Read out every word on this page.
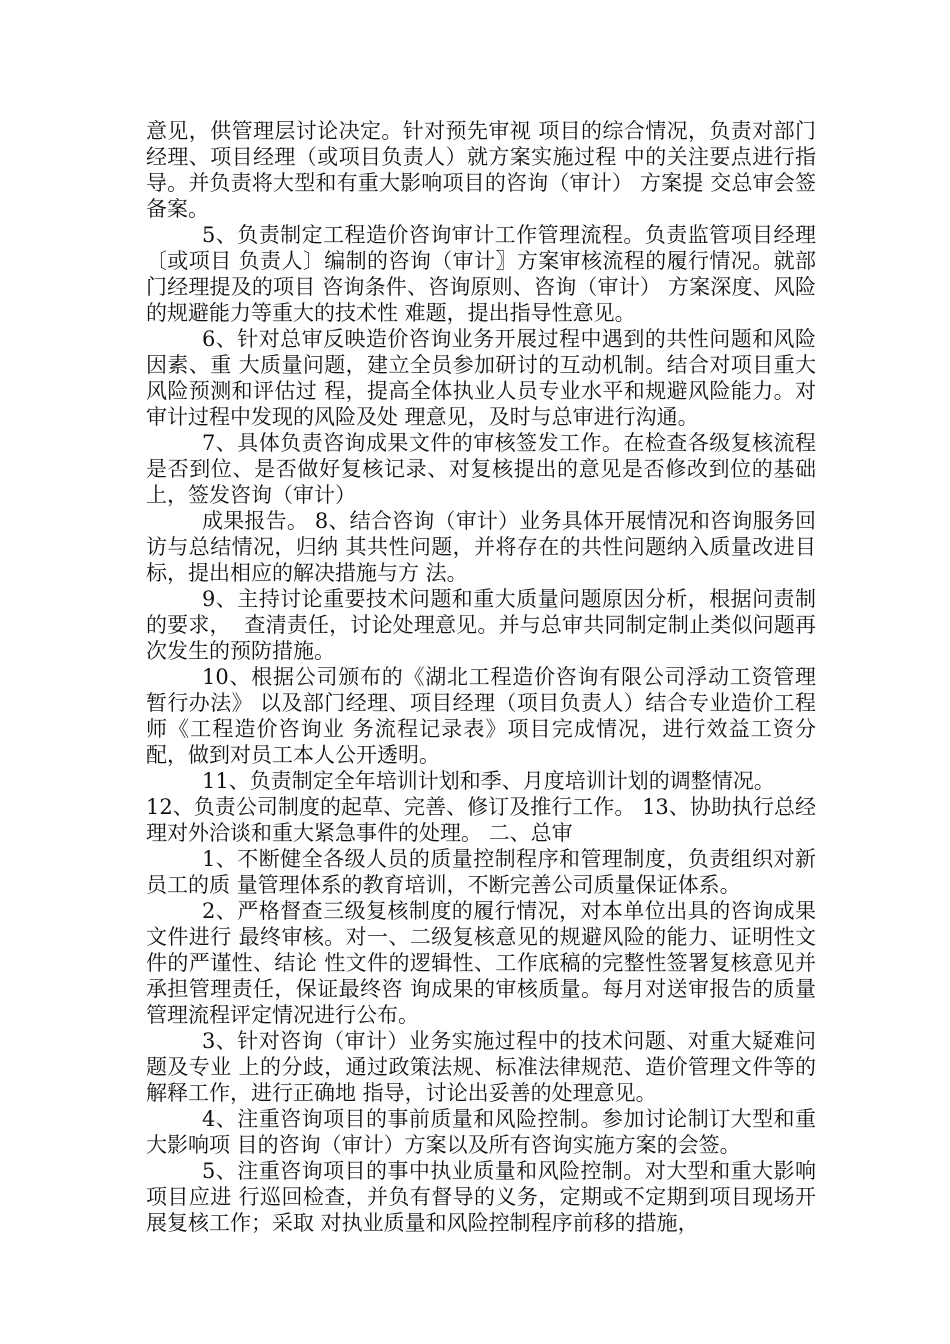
意见，供管理层讨论决定。针对预先审视 项目的综合情况，负责对部门经理、项目经理（或项目负责人）就方案实施过程 中的关注要点进行指导。并负责将大型和有重大影响项目的咨询（审计） 方案提 交总审会签备案。

5、负责制定工程造价咨询审计工作管理流程。负责监管项目经理〔或项目 负责人〕编制的咨询（审计〗方案审核流程的履行情况。就部门经理提及的项目 咨询条件、咨询原则、咨询（审计） 方案深度、风险的规避能力等重大的技术性 难题，提出指导性意见。

6、针对总审反映造价咨询业务开展过程中遇到的共性问题和风险因素、重 大质量问题，建立全员参加研讨的互动机制。结合对项目重大风险预测和评估过 程，提高全体执业人员专业水平和规避风险能力。对审计过程中发现的风险及处 理意见，及时与总审进行沟通。

7、具体负责咨询成果文件的审核签发工作。在检查各级复核流程是否到位、是否做好复核记录、对复核提出的意见是否修改到位的基础上，签发咨询（审计）

成果报告。 8、结合咨询（审计）业务具体开展情况和咨询服务回访与总结情况，归纳 其共性问题，并将存在的共性问题纳入质量改进目标，提出相应的解决措施与方 法。

9、主持讨论重要技术问题和重大质量问题原因分析，根据问责制的要求，  查清责任，讨论处理意见。并与总审共同制定制止类似问题再次发生的预防措施。

10、根据公司颁布的《湖北工程造价咨询有限公司浮动工资管理暂行办法》 以及部门经理、项目经理（项目负责人）结合专业造价工程师《工程造价咨询业 务流程记录表》项目完成情况，进行效益工资分配，做到对员工本人公开透明。

11、负责制定全年培训计划和季、月度培训计划的调整情况。

12、负责公司制度的起草、完善、修订及推行工作。 13、协助执行总经理对外洽谈和重大紧急事件的处理。 二、总审

1、不断健全各级人员的质量控制程序和管理制度，负责组织对新员工的质 量管理体系的教育培训，不断完善公司质量保证体系。

2、严格督查三级复核制度的履行情况，对本单位出具的咨询成果文件进行 最终审核。对一、二级复核意见的规避风险的能力、证明性文件的严谨性、结论 性文件的逻辑性、工作底稿的完整性签署复核意见并承担管理责任，保证最终咨 询成果的审核质量。每月对送审报告的质量管理流程评定情况进行公布。

3、针对咨询（审计）业务实施过程中的技术问题、对重大疑难问题及专业 上的分歧，通过政策法规、标准法律规范、造价管理文件等的解释工作，进行正确地 指导，讨论出妥善的处理意见。

4、注重咨询项目的事前质量和风险控制。参加讨论制订大型和重大影响项 目的咨询（审计）方案以及所有咨询实施方案的会签。

5、注重咨询项目的事中执业质量和风险控制。对大型和重大影响项目应进 行巡回检查，并负有督导的义务，定期或不定期到项目现场开展复核工作；采取 对执业质量和风险控制程序前移的措施，
